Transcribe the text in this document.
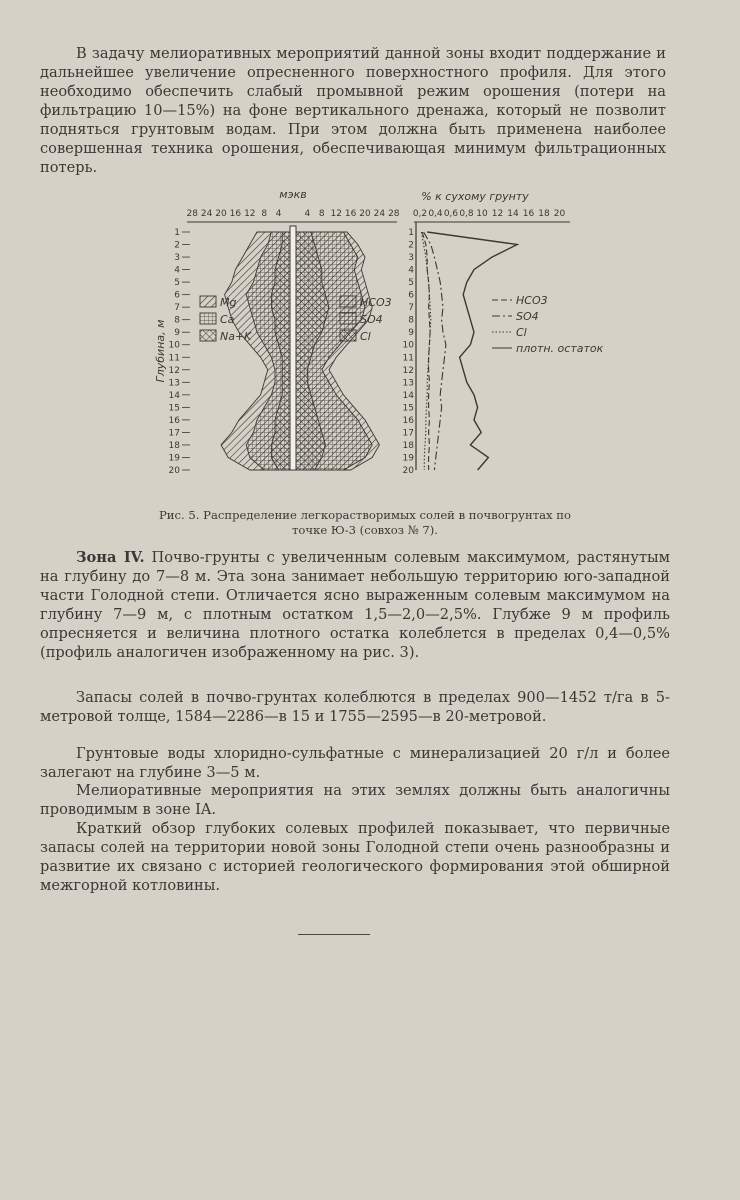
В задачу мелиоративных мероприятий данной зоны входит поддержание и дальнейшее увеличение опресненного поверхностного профиля. Для этого необходимо обеспечить слабый промывной режим орошения (потери на фильтрацию 10—15%) на фоне вертикального дренажа, который не позволит подняться грунтовым водам. При этом должна быть применена наиболее совершенная техника орошения, обеспечивающая минимум фильтрационных потерь.

мэкв
28 24 20 16 12 8 4	4 8 12 16 20 24 28
1
2
3
4
5
6
7
8
9
10
11
12
13
14
15
16
17
18
19
20
Глубина, м
Mg
Ca
Na+K
HCO3
SO4
Cl
% к сухому грунту
0,2 0,4 0,6 0,8 10 12 14 16 18 20
1
2
3
4
5
6
7
8
9
10
11
12
13
14
15
16
17
18
19
20
HCO3
SO4
Cl
плотн. остаток

Рис. 5. Распределение легкорастворимых солей в почвогрунтах по точке Ю-3 (совхоз № 7).

Зона IV. Почво-грунты с увеличенным солевым максимумом, растянутым на глубину до 7—8 м. Эта зона занимает небольшую территорию юго-западной части Голодной степи. Отличается ясно выраженным солевым максимумом на глубину 7—9 м, с плотным остатком 1,5—2,0—2,5%. Глубже 9 м профиль опресняется и величина плотного остатка колеблется в пределах 0,4—0,5% (профиль аналогичен изображенному на рис. 3).

Запасы солей в почво-грунтах колеблются в пределах 900—1452 т/га в 5-метровой толще, 1584—2286—в 15 и 1755—2595—в 20-метровой.

Грунтовые воды хлоридно-сульфатные с минерализацией 20 г/л и более залегают на глубине 3—5 м.

Мелиоративные мероприятия на этих землях должны быть аналогичны проводимым в зоне IA.

Краткий обзор глубоких солевых профилей показывает, что первичные запасы солей на территории новой зоны Голодной степи очень разнообразны и развитие их связано с историей геологического формирования этой обширной межгорной котловины.
